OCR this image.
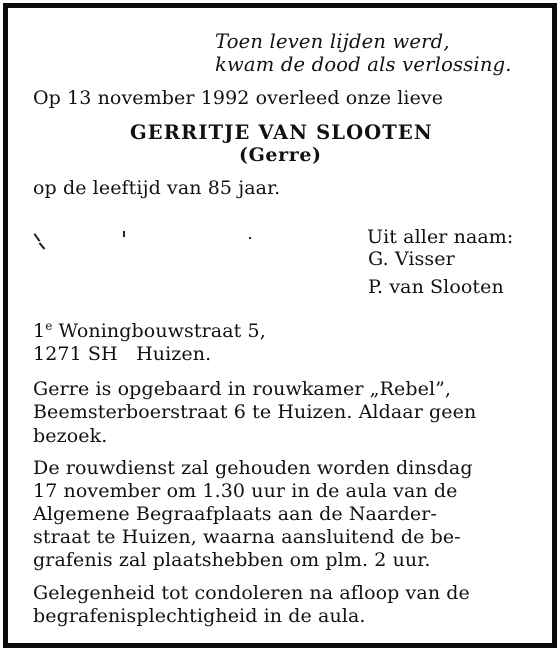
Toen leven lijden werd,
kwam de dood als verlossing.
Op 13 november 1992 overleed onze lieve
GERRITJE VAN SLOOTEN
(Gerre)
op de leeftijd van 85 jaar.
Uit aller naam:
G. Visser
P. van Slooten
1e Woningbouwstraat 5,
1271 SH   Huizen.
Gerre is opgebaard in rouwkamer „Rebel”,
Beemsterboerstraat 6 te Huizen. Aldaar geen
bezoek.
De rouwdienst zal gehouden worden dinsdag
17 november om 1.30 uur in de aula van de
Algemene Begraafplaats aan de Naarder-
straat te Huizen, waarna aansluitend de be-
grafenis zal plaatshebben om plm. 2 uur.
Gelegenheid tot condoleren na afloop van de
begrafenisplechtigheid in de aula.
